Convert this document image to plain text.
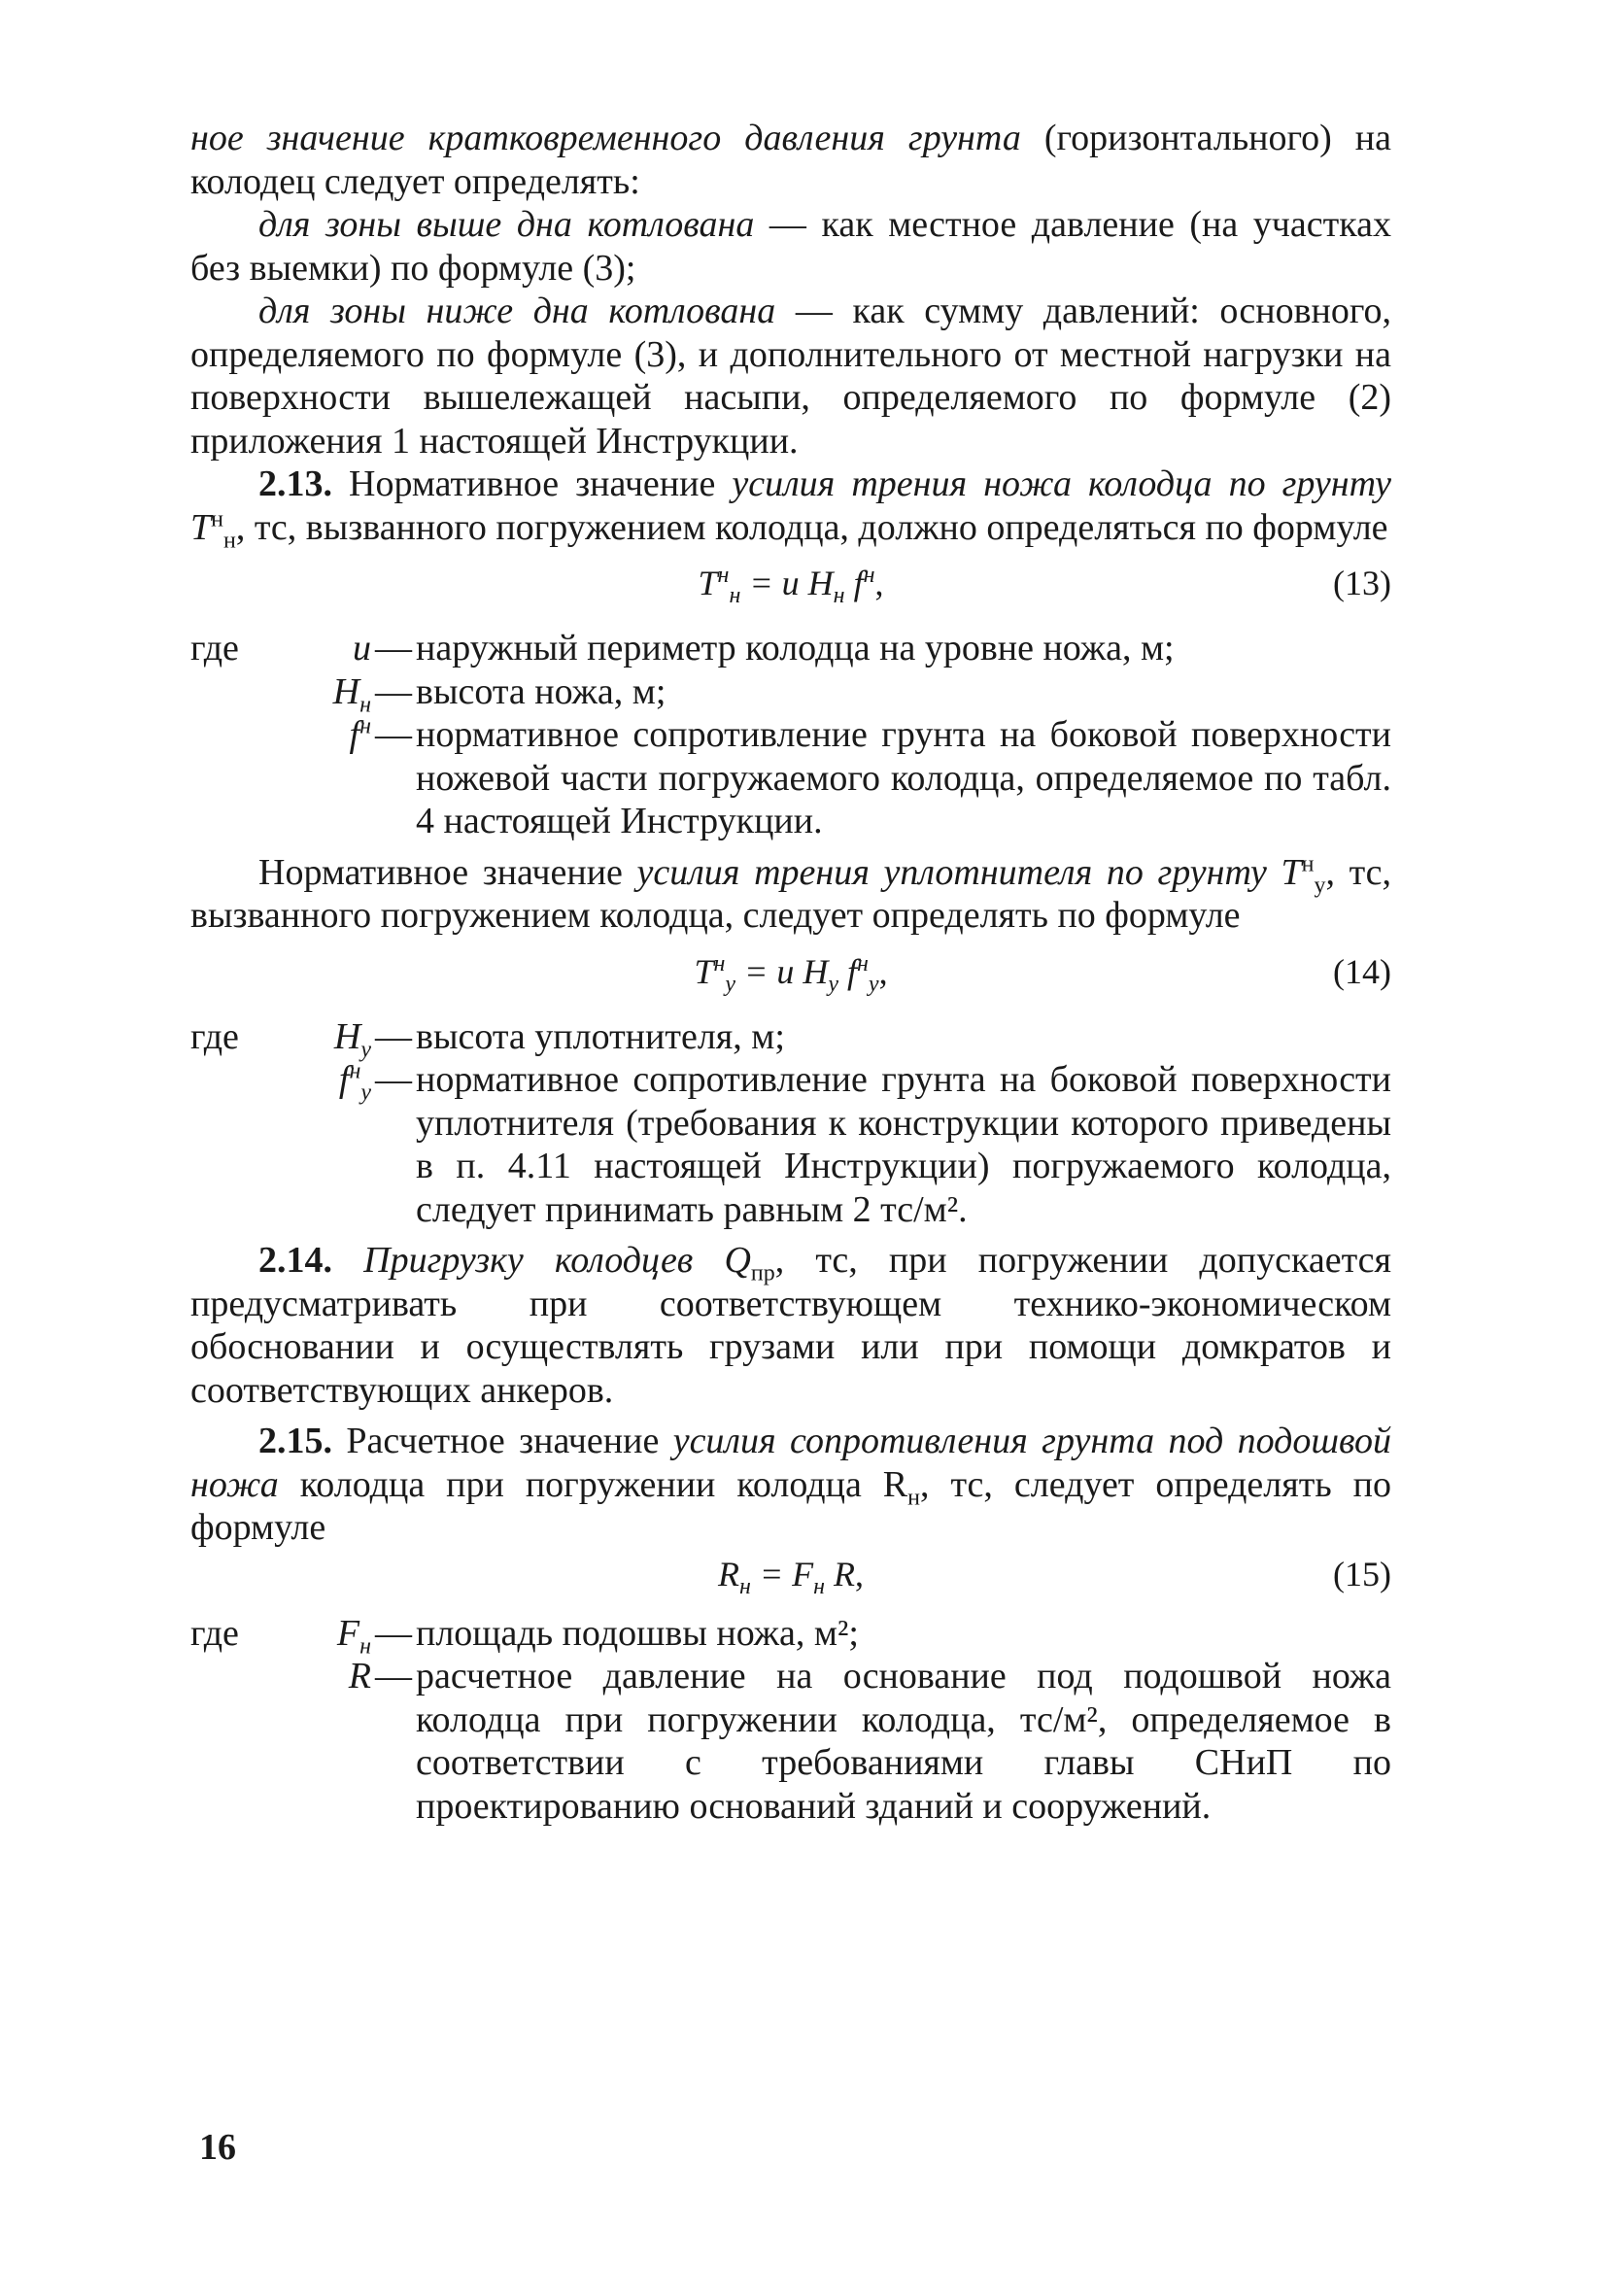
ное значение кратковременного давления грунта (горизонтального) на колодец следует определять:

для зоны выше дна котлована — как местное давление (на участках без выемки) по формуле (3);

для зоны ниже дна котлована — как сумму давлений: основного, определяемого по формуле (3), и дополнительного от местной нагрузки на поверхности вышележащей насыпи, определяемого по формуле (2) приложения 1 настоящей Инструкции.

2.13. Нормативное значение усилия трения ножа колодца по грунту $T^н_н$, тс, вызванного погружением колодца, должно определяться по формуле

$T^н_н = u$ $H_н$ $f^н$,	(13)
где	u — наружный периметр колодца на уровне ножа, м;
$H_н$ — высота ножа, м;
$f^н$ — нормативное сопротивление грунта на боковой поверхности ножевой части погружаемого колодца, определяемое по табл. 4 настоящей Инструкции.

Нормативное значение усилия трения уплотнителя по грунту $T^н_у$, тс, вызванного погружением колодца, следует определять по формуле

$T^н_у = u$ $H_у$ $f^н_у$,	(14)
где	$H_у$ — высота уплотнителя, м;
$f^н_у$ — нормативное сопротивление грунта на боковой поверхности уплотнителя (требования к конструкции которого приведены в п. 4.11 настоящей Инструкции) погружаемого колодца, следует принимать равным 2 тс/м².

2.14. Пригрузку колодцев $Q_{пр}$, тс, при погружении допускается предусматривать при соответствующем технико-экономическом обосновании и осуществлять грузами или при помощи домкратов и соответствующих анкеров.

2.15. Расчетное значение усилия сопротивления грунта под подошвой ножа колодца при погружении колодца $R_н$, тс, следует определять по формуле

$R_н = F_н$ R,	(15)
где	$F_н$ — площадь подошвы ножа, м²;
R — расчетное давление на основание под подошвой ножа колодца при погружении колодца, тс/м², определяемое в соответствии с требованиями главы СНиП по проектированию оснований зданий и сооружений.
16
